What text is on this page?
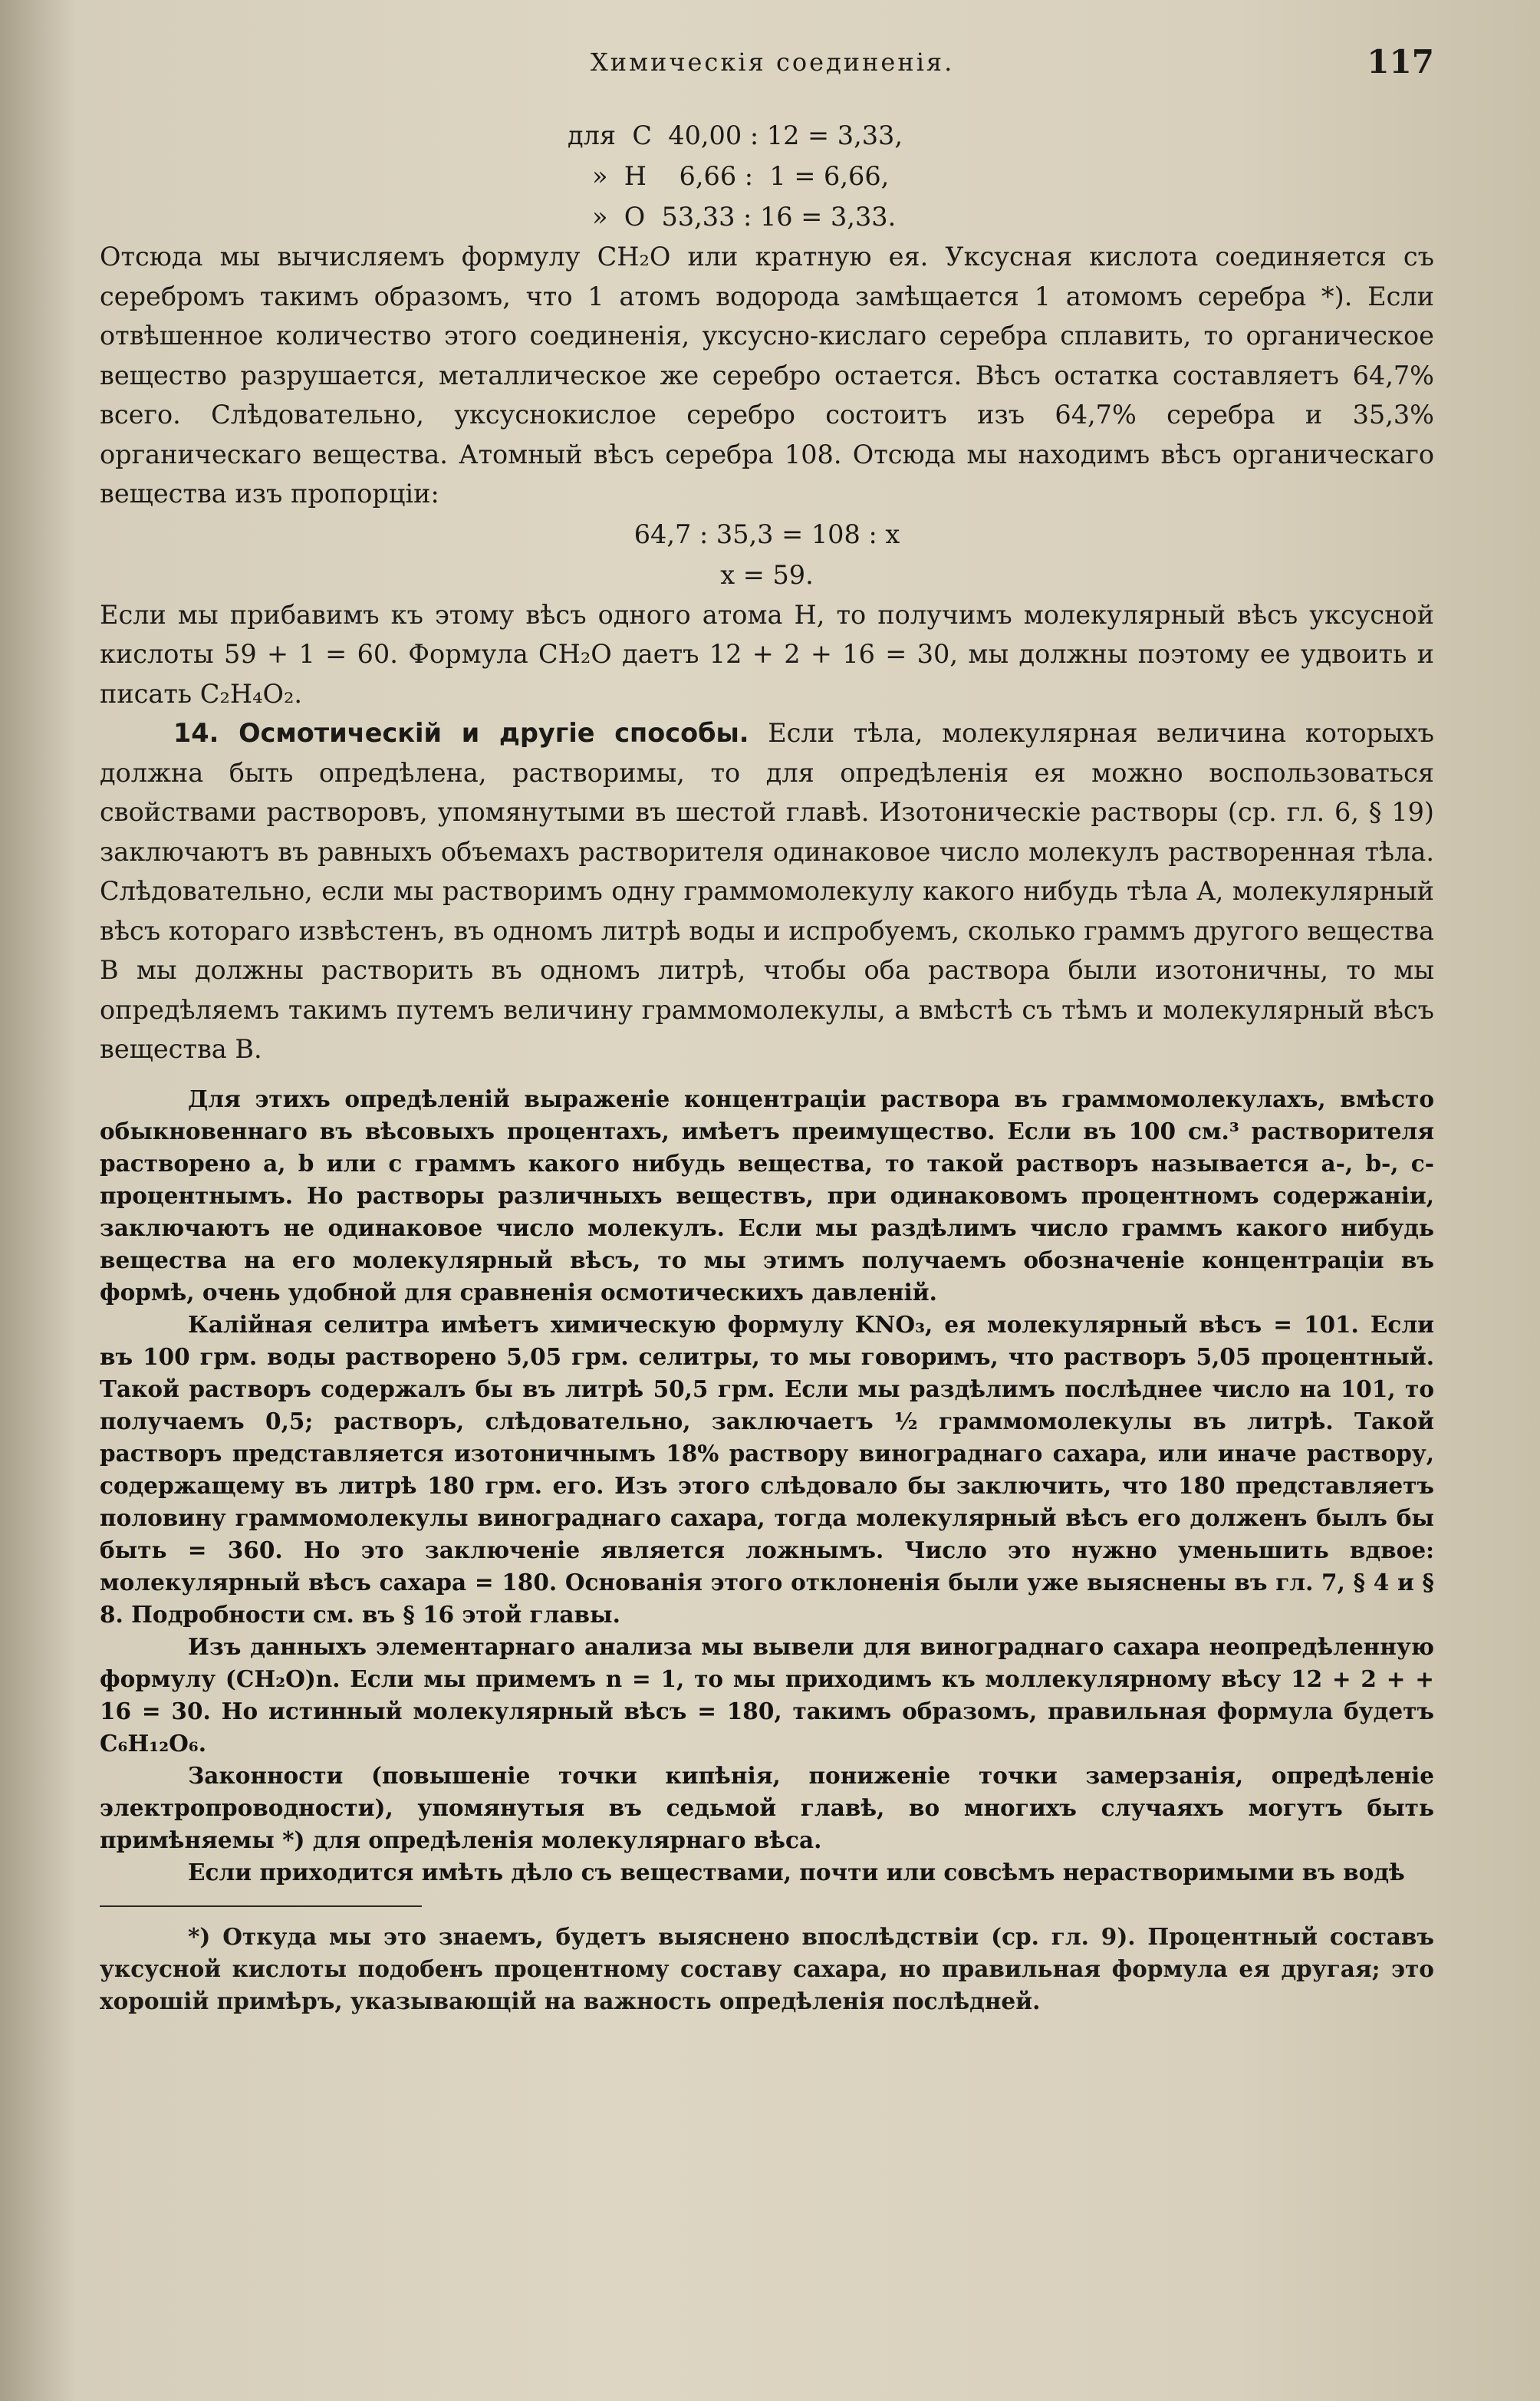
Химическія соединенія.	117
для  C  40,00 : 12 = 3,33,
»  H    6,66 :  1 = 6,66,
»  O  53,33 : 16 = 3,33.

Отсюда мы вычисляемъ формулу CH₂O или кратную ея. Уксусная кислота соединяется съ серебромъ такимъ образомъ, что 1 атомъ водорода замѣщается 1 атомомъ серебра *). Если отвѣшенное количество этого соединенія, уксусно-кислаго серебра сплавить, то органическое вещество разрушается, металлическое же серебро остается. Вѣсъ остатка составляетъ 64,7% всего. Слѣдовательно, уксуснокислое серебро состоитъ изъ 64,7% серебра и 35,3% органическаго вещества. Атомный вѣсъ серебра 108. Отсюда мы находимъ вѣсъ органическаго вещества изъ пропорціи:

64,7 : 35,3 = 108 : x
x = 59.

Если мы прибавимъ къ этому вѣсъ одного атома H, то получимъ молекулярный вѣсъ уксусной кислоты 59 + 1 = 60. Формула CH₂O даетъ 12 + 2 + 16 = 30, мы должны поэтому ее удвоить и писать C₂H₄O₂.

14. Осмотическій и другіе способы. Если тѣла, молекулярная величина которыхъ должна быть опредѣлена, растворимы, то для опредѣленія ея можно воспользоваться свойствами растворовъ, упомянутыми въ шестой главѣ. Изотоническіе растворы (ср. гл. 6, § 19) заключаютъ въ равныхъ объемахъ растворителя одинаковое число молекулъ растворенная тѣла. Слѣдовательно, если мы растворимъ одну граммомолекулу какого нибудь тѣла A, молекулярный вѣсъ котораго извѣстенъ, въ одномъ литрѣ воды и испробуемъ, сколько граммъ другого вещества B мы должны растворить въ одномъ литрѣ, чтобы оба раствора были изотоничны, то мы опредѣляемъ такимъ путемъ величину граммомолекулы, а вмѣстѣ съ тѣмъ и молекулярный вѣсъ вещества B.

Для этихъ опредѣленій выраженіе концентраціи раствора въ граммомолекулахъ, вмѣсто обыкновеннаго въ вѣсовыхъ процентахъ, имѣетъ преимущество. Если въ 100 см.³ растворителя растворено a, b или c граммъ какого нибудь вещества, то такой растворъ называется a-, b-, c-процентнымъ. Но растворы различныхъ веществъ, при одинаковомъ процентномъ содержаніи, заключаютъ не одинаковое число молекулъ. Если мы раздѣлимъ число граммъ какого нибудь вещества на его молекулярный вѣсъ, то мы этимъ получаемъ обозначеніе концентраціи въ формѣ, очень удобной для сравненія осмотическихъ давленій.

Калійная селитра имѣетъ химическую формулу KNO₃, ея молекулярный вѣсъ = 101. Если въ 100 грм. воды растворено 5,05 грм. селитры, то мы говоримъ, что растворъ 5,05 процентный. Такой растворъ содержалъ бы въ литрѣ 50,5 грм. Если мы раздѣлимъ послѣднее число на 101, то получаемъ 0,5; растворъ, слѣдовательно, заключаетъ ½ граммомолекулы въ литрѣ. Такой растворъ представляется изотоничнымъ 18% раствору винограднаго сахара, или иначе раствору, содержащему въ литрѣ 180 грм. его. Изъ этого слѣдовало бы заключить, что 180 представляетъ половину граммомолекулы винограднаго сахара, тогда молекулярный вѣсъ его долженъ былъ бы быть = 360. Но это заключеніе является ложнымъ. Число это нужно уменьшить вдвое: молекулярный вѣсъ сахара = 180. Основанія этого отклоненія были уже выяснены въ гл. 7, § 4 и § 8. Подробности см. въ § 16 этой главы.

Изъ данныхъ элементарнаго анализа мы вывели для винограднаго сахара неопредѣленную формулу (CH₂O)n. Если мы примемъ n = 1, то мы приходимъ къ моллекулярному вѣсу 12 + 2 + + 16 = 30. Но истинный молекулярный вѣсъ = 180, такимъ образомъ, правильная формула будетъ C₆H₁₂O₆.

Законности (повышеніе точки кипѣнія, пониженіе точки замерзанія, опредѣленіе электропроводности), упомянутыя въ седьмой главѣ, во многихъ случаяхъ могутъ быть примѣняемы *) для опредѣленія молекулярнаго вѣса.

Если приходится имѣть дѣло съ веществами, почти или совсѣмъ нерастворимыми въ водѣ

*) Откуда мы это знаемъ, будетъ выяснено впослѣдствіи (ср. гл. 9). Процентный составъ уксусной кислоты подобенъ процентному составу сахара, но правильная формула ея другая; это хорошій примѣръ, указывающій на важность опредѣленія послѣдней.
